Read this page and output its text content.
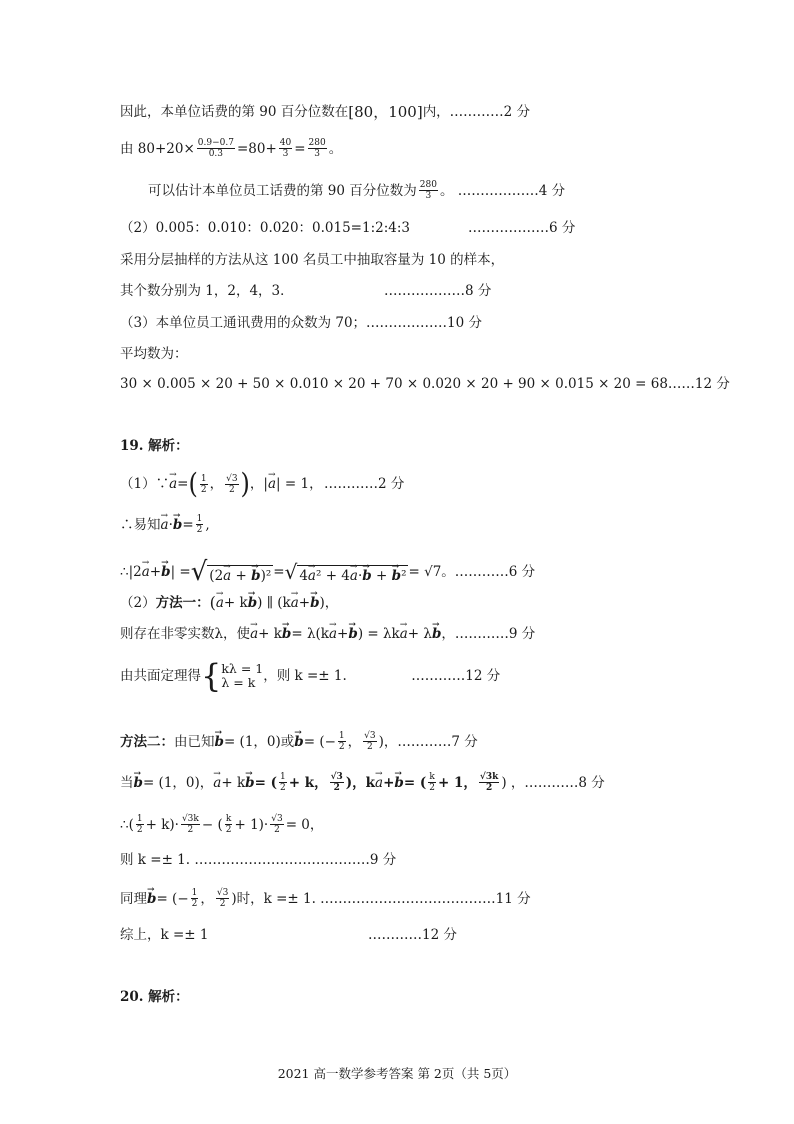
因此，本单位话费的第 90 百分位数在 [80，100] 内，…………2 分
由 $80+20\times \frac{0.9-0.7}{0.3} =80+ \frac{40}{3} = \frac{280}{3}$ 。
可以估计本单位员工话费的第 90 百分位数为 $\frac{280}{3}$ 。 ………………4 分
（2）0.005：0.010：0.020：0.015=1:2:4:3	………………6 分
采用分层抽样的方法从这 100 名员工中抽取容量为 10 的样本，
其个数分别为 1，2，4，3．	………………8 分
（3）本单位员工通讯费用的众数为 70；………………10 分
平均数为：
30 × 0.005 × 20 + 50 × 0.010 × 20 + 70 × 0.020 × 20 + 90 × 0.015 × 20 = 68……12 分
19. 解析：
（1）∵ → a = ( $\frac{1}{2}$ ， $\frac{√3}{2}$ ) ，| → a | = 1， …………2 分
∴易知 → a · → $b = \frac{1}{2}$ ,
∴|2 → a + → b | = √ (2→ a + → b)² = √ 4→ a² + 4→ a·→ b + → b² = √7。…………6 分
（2） 方法一： ( → a + k → b ) ∥ (k → a + → b )，
则存在非零实数λ，使 → a + k → b = λ(k → a + → b ) = λk → a + λ → b ，…………9 分
由共面定理得 { kλ = 1
λ = k ，则 k =± 1.	…………12 分
方法二： 由已知 → b = (1，0)或 → b = (− $\frac{1}{2}$ ， $\frac{√3}{2}$ )，…………7 分
当 → b = (1，0)， → a + k → b = ( $\frac{1}{2} + k$， $\frac{√3}{2}$ )，k → a + → b = ( $\frac{k}{2} + 1$， $\frac{√3k}{2}$ ) ，…………8 分
∴( $\frac{1}{2} + k)\cdot \frac{√3k}{2}$ − ( $\frac{k}{2} + 1)\cdot \frac{√3}{2} = 0$，
则 k =± 1. …………………………………9 分
同理 → b = (− $\frac{1}{2}$ ， $\frac{√3}{2}$ )时，k =± 1. …………………………………11 分
综上，k =± 1	…………12 分
20. 解析：
2021 高一数学参考答案 第 2页（共 5页）
